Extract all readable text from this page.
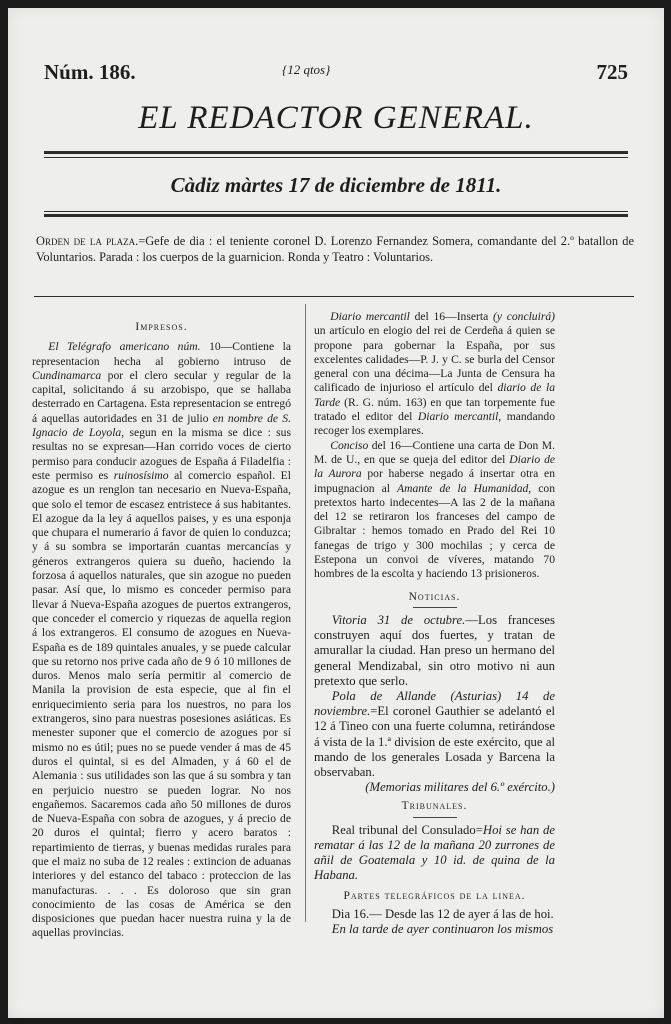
Núm. 186.	{12 qtos}	725
EL REDACTOR GENERAL.
Càdiz màrtes 17 de diciembre de 1811.
Orden de la plaza.=Gefe de dia : el teniente coronel D. Lorenzo Fernandez Somera, comandante del 2.º batallon de Voluntarios. Parada : los cuerpos de la guarnicion. Ronda y Teatro : Voluntarios.
Impresos.

El Telégrafo americano núm. 10—Contiene la representacion hecha al gobierno intruso de Cundinamarca por el clero secular y regular de la capital, solicitando á su arzobispo, que se hallaba desterrado en Cartagena. Esta representacion se entregó á aquellas autoridades en 31 de julio en nombre de S. Ignacio de Loyola, segun en la misma se dice : sus resultas no se expresan—Han corrido voces de cierto permiso para conducir azogues de España á Filadelfia : este permiso es ruinosísimo al comercio español. El azogue es un renglon tan necesario en Nueva-España, que solo el temor de escasez entristece á sus habitantes. El azogue da la ley á aquellos paises, y es una esponja que chupara el numerario á favor de quien lo conduzca; y á su sombra se importarán cuantas mercancías y géneros extrangeros quiera su dueño, haciendo la forzosa á aquellos naturales, que sin azogue no pueden pasar. Así que, lo mismo es conceder permiso para llevar á Nueva-España azogues de puertos extrangeros, que conceder el comercio y riquezas de aquella region á los extrangeros. El consumo de azogues en Nueva-España es de 189 quintales anuales, y se puede calcular que su retorno nos prive cada año de 9 ó 10 millones de duros. Menos malo sería permitir al comercio de Manila la provision de esta especie, que al fin el enriquecimiento seria para los nuestros, no para los extrangeros, sino para nuestras posesiones asiáticas. Es menester suponer que el comercio de azogues por sí mismo no es útil; pues no se puede vender á mas de 45 duros el quintal, si es del Almaden, y á 60 el de Alemania : sus utilidades son las que á su sombra y tan en perjuicio nuestro se pueden lograr. No nos engañemos. Sacaremos cada año 50 millones de duros de Nueva-España con sobra de azogues, y á precio de 20 duros el quintal; fierro y acero baratos : repartimiento de tierras, y buenas medidas rurales para que el maiz no suba de 12 reales : extincion de aduanas interiores y del estanco del tabaco : proteccion de las manufacturas. . . . Es doloroso que sin gran conocimiento de las cosas de América se den disposiciones que puedan hacer nuestra ruina y la de aquellas provincias.

Diario mercantil del 16—Inserta (y concluirá) un artículo en elogio del rei de Cerdeña á quien se propone para gobernar la España, por sus excelentes calidades—P. J. y C. se burla del Censor general con una décima—La Junta de Censura ha calificado de injurioso el artículo del diario de la Tarde (R. G. núm. 163) en que tan torpemente fue tratado el editor del Diario mercantil, mandando recoger los exemplares.

Conciso del 16—Contiene una carta de Don M. M. de U., en que se queja del editor del Diario de la Aurora por haberse negado á insertar otra en impugnacion al Amante de la Humanidad, con pretextos harto indecentes—A las 2 de la mañana del 12 se retiraron los franceses del campo de Gibraltar : hemos tomado en Prado del Rei 10 fanegas de trigo y 300 mochilas ; y cerca de Estepona un convoi de víveres, matando 70 hombres de la escolta y haciendo 13 prisioneros.

Noticias.

Vitoria 31 de octubre.—Los franceses construyen aquí dos fuertes, y tratan de amurallar la ciudad. Han preso un hermano del general Mendizabal, sin otro motivo ni aun pretexto que serlo.

Pola de Allande (Asturias) 14 de noviembre.=El coronel Gauthier se adelantó el 12 á Tineo con una fuerte columna, retirándose á vista de la 1.ª division de este exército, que al mando de los generales Losada y Barcena la observaban.

(Memorias militares del 6.º exército.)
Tribunales.

Real tribunal del Consulado=Hoi se han de rematar á las 12 de la mañana 20 zurrones de añil de Goatemala y 10 id. de quina de la Habana.

Partes telegráficos de la linea.

Dia 16.— Desde las 12 de ayer á las de hoi.

En la tarde de ayer continuaron los mismos
